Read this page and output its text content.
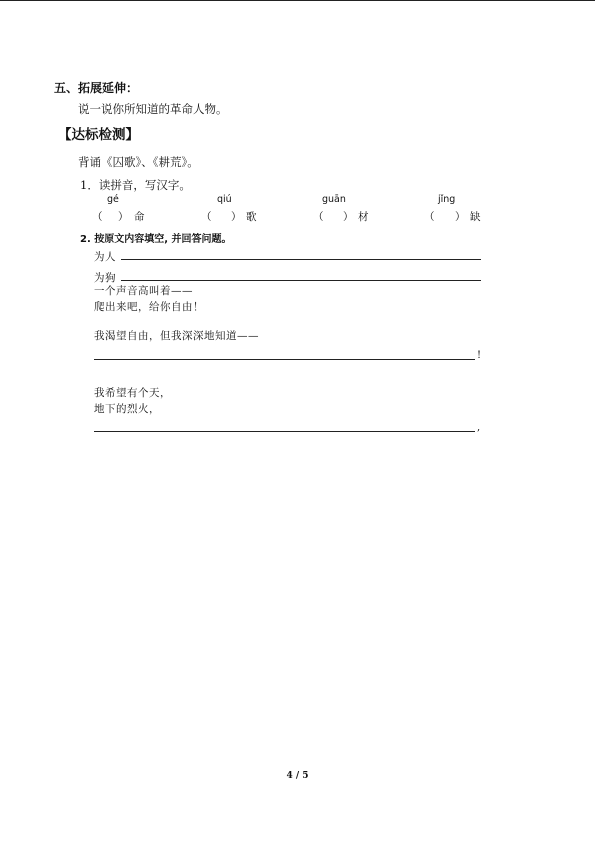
五、拓展延伸：
说一说你所知道的革命人物。
【达标检测】
背诵《囚歌》、《耕荒》。
1．读拼音，写汉字。
gé	qiú	guān	jǐng
（ ） 命	（ ） 歌	（ ） 材	（ ） 缺
2. 按原文内容填空, 并回答问题。
为人
为狗
一个声音高叫着——
爬出来吧，给你自由！
我渴望自由，但我深深地知道——
!
我希望有个天，
地下的烈火，
,
4 / 5
